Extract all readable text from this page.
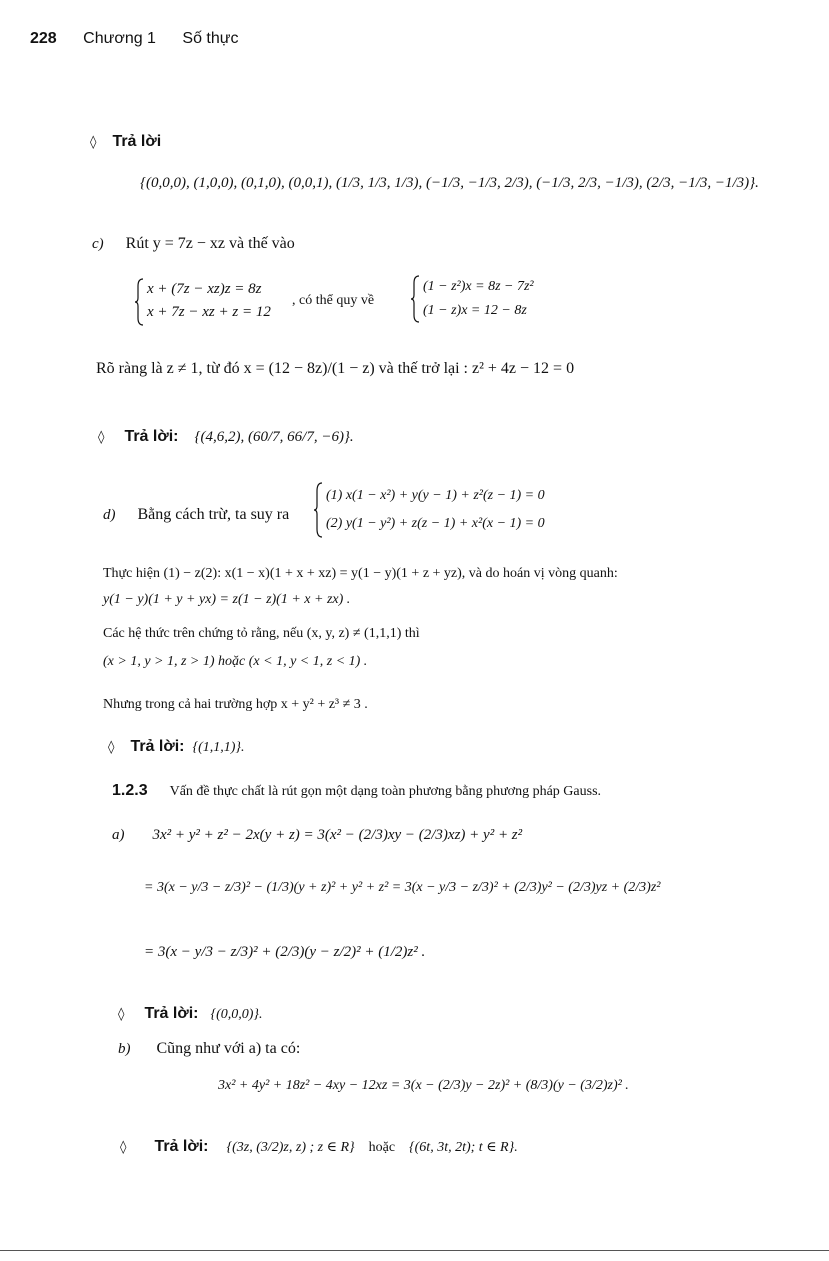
228 Chương 1 Số thực
◊ Trả lời
{(0,0,0), (1,0,0), (0,1,0), (0,0,1), (1/3, 1/3, 1/3), (−1/3, −1/3, 2/3), (−1/3, 2/3, −1/3), (2/3, −1/3, −1/3)}.
c) Rút y = 7z − xz và thế vào
x + (7z − xz)z = 8z
x + 7z − xz + z = 12
, có thể quy về
(1 − z²)x = 8z − 7z²
(1 − z)x = 12 − 8z
Rõ ràng là z ≠ 1, từ đó x = (12 − 8z)/(1 − z) và thế trở lại : z² + 4z − 12 = 0
◊ Trả lời: {(4,6,2), (60/7, 66/7, −6)}.
d) Bằng cách trừ, ta suy ra
(1) x(1 − x²) + y(y − 1) + z²(z − 1) = 0
(2) y(1 − y²) + z(z − 1) + x²(x − 1) = 0
Thực hiện (1) − z(2): x(1 − x)(1 + x + xz) = y(1 − y)(1 + z + yz), và do hoán vị vòng quanh:
y(1 − y)(1 + y + yx) = z(1 − z)(1 + x + zx) .
Các hệ thức trên chứng tỏ rằng, nếu (x, y, z) ≠ (1,1,1) thì
(x > 1, y > 1, z > 1) hoặc (x < 1, y < 1, z < 1) .
Nhưng trong cả hai trường hợp x + y² + z³ ≠ 3 .
◊ Trả lời: {(1,1,1)}.
1.2.3 Vấn đề thực chất là rút gọn một dạng toàn phương bằng phương pháp Gauss.
a) 3x² + y² + z² − 2x(y + z) = 3(x² − (2/3)xy − (2/3)xz) + y² + z²
= 3(x − y/3 − z/3)² − (1/3)(y + z)² + y² + z² = 3(x − y/3 − z/3)² + (2/3)y² − (2/3)yz + (2/3)z²
= 3(x − y/3 − z/3)² + (2/3)(y − z/2)² + (1/2)z² .
◊ Trả lời: {(0,0,0)}.
b) Cũng như với a) ta có:
3x² + 4y² + 18z² − 4xy − 12xz = 3(x − (2/3)y − 2z)² + (8/3)(y − (3/2)z)² .
◊ Trả lời: {(3z, (3/2)z, z) ; z ∈ R} hoặc {(6t, 3t, 2t); t ∈ R}.
